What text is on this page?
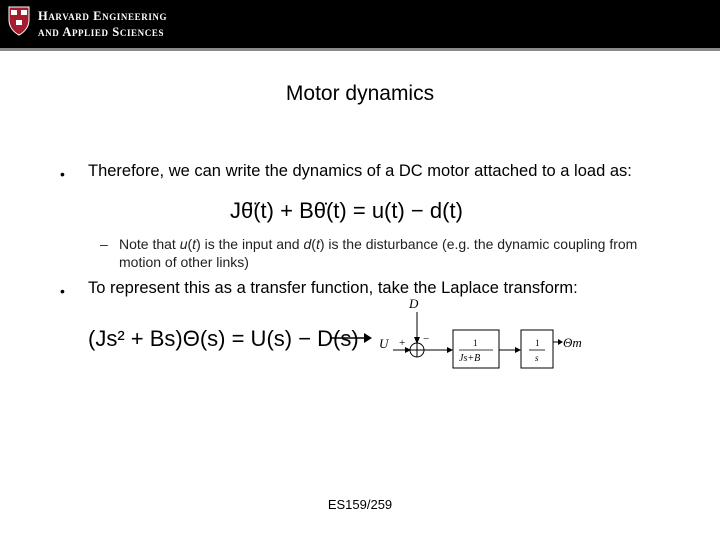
Harvard Engineering
and Applied Sciences
Motor dynamics
• Therefore, we can write the dynamics of a DC motor attached to a load as:
Jθ̈(t) + Bθ̇(t) = u(t) − d(t)
– Note that u(t) is the input and d(t) is the disturbance (e.g. the dynamic coupling from motion of other links)
• To represent this as a transfer function, take the Laplace transform:
(Js² + Bs)Θ(s) = U(s) − D(s)
D
U + −	1
Js+B
1
s
Θm
ES159/259
